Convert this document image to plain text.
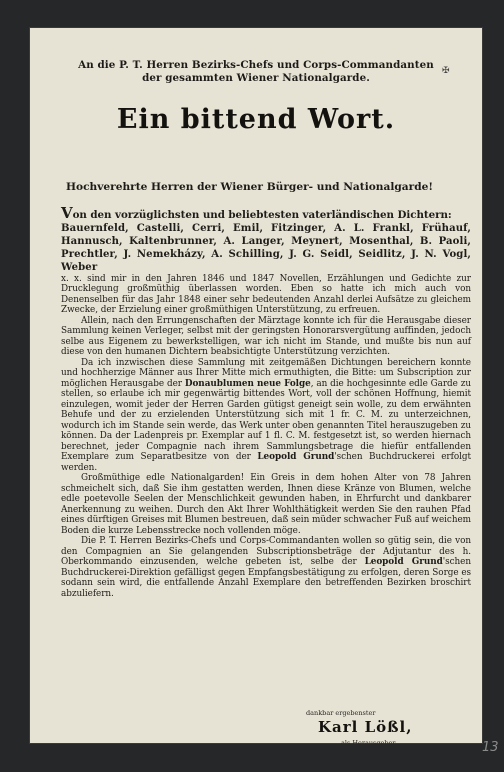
An die P. T. Herren Bezirks-Chefs und Corps-Commandanten
der gesammten Wiener Nationalgarde.
✠
Ein bittend Wort.
Hochverehrte Herren der Wiener Bürger- und Nationalgarde!

Von den vorzüglichsten und beliebtesten vaterländischen Dichtern:

Bauernfeld, Castelli, Cerri, Emil, Fitzinger, A. L. Frankl, Frühauf, Hannusch, Kaltenbrunner, A. Langer, Meynert, Mosenthal, B. Paoli, Prechtler, J. Nemekházy, A. Schilling, J. G. Seidl, Seidlitz, J. N. Vogl, Weber

x. x. sind mir in den Jahren 1846 und 1847 Novellen, Erzählungen und Gedichte zur Drucklegung großmüthig überlassen worden. Eben so hatte ich mich auch von Denenselben für das Jahr 1848 einer sehr bedeutenden Anzahl derlei Aufsätze zu gleichem Zwecke, der Erzielung einer großmüthigen Unterstützung, zu erfreuen.

Allein, nach den Errungenschaften der Märztage konnte ich für die Herausgabe dieser Sammlung keinen Verleger, selbst mit der geringsten Honorarsvergütung auffinden, jedoch selbe aus Eigenem zu bewerkstelligen, war ich nicht im Stande, und mußte bis nun auf diese von den humanen Dichtern beabsichtigte Unterstützung verzichten.

Da ich inzwischen diese Sammlung mit zeitgemäßen Dichtungen bereichern konnte und hochherzige Männer aus Ihrer Mitte mich ermuthigten, die Bitte: um Subscription zur möglichen Herausgabe der Donaublumen neue Folge, an die hochgesinnte edle Garde zu stellen, so erlaube ich mir gegenwärtig bittendes Wort, voll der schönen Hoffnung, hiemit einzulegen, womit jeder der Herren Garden gütigst geneigt sein wolle, zu dem erwähnten Behufe und der zu erzielenden Unterstützung sich mit 1 fr. C. M. zu unterzeichnen, wodurch ich im Stande sein werde, das Werk unter oben genannten Titel herauszugeben zu können. Da der Ladenpreis pr. Exemplar auf 1 fl. C. M. festgesetzt ist, so werden hiernach berechnet, jeder Compagnie nach ihrem Sammlungsbetrage die hiefür entfallenden Exemplare zum Separatbesitze von der Leopold Grund'schen Buchdruckerei erfolgt werden.

Großmüthige edle Nationalgarden! Ein Greis in dem hohen Alter von 78 Jahren schmeichelt sich, daß Sie ihm gestatten werden, Ihnen diese Kränze von Blumen, welche edle poetevolle Seelen der Menschlichkeit gewunden haben, in Ehrfurcht und dankbarer Anerkennung zu weihen. Durch den Akt Ihrer Wohlthätigkeit werden Sie den rauhen Pfad eines dürftigen Greises mit Blumen bestreuen, daß sein müder schwacher Fuß auf weichem Boden die kurze Lebensstrecke noch vollenden möge.

Die P. T. Herren Bezirks-Chefs und Corps-Commandanten wollen so gütig sein, die von den Compagnien an Sie gelangenden Subscriptionsbeträge der Adjutantur des h. Oberkommando einzusenden, welche gebeten ist, selbe der Leopold Grund'schen Buchdruckerei-Direktion gefälligst gegen Empfangsbestätigung zu erfolgen, deren Sorge es sodann sein wird, die entfallende Anzahl Exemplare den betreffenden Bezirken broschirt abzuliefern.

dankbar ergebenster
Karl Lößl,
als Herausgeber.	13
